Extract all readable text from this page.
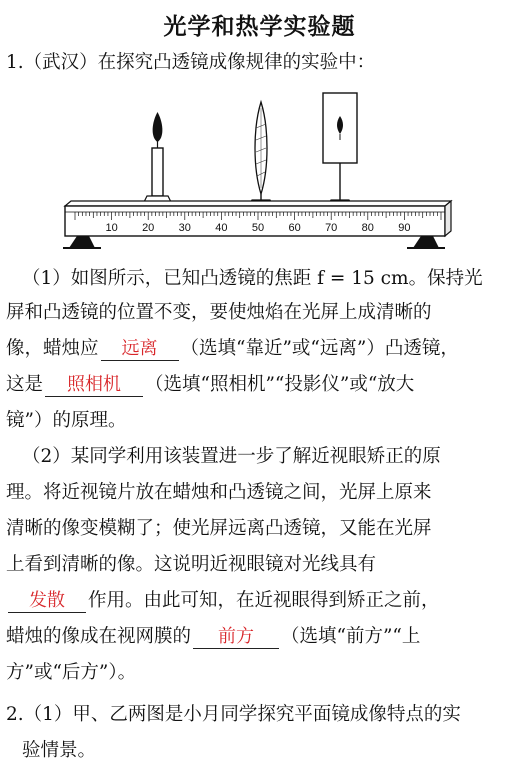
光学和热学实验题
1.（武汉）在探究凸透镜成像规律的实验中：
10 20 30 40 50 60 70 80 90
（1）如图所示，已知凸透镜的焦距 f = 15 cm。保持光
屏和凸透镜的位置不变，要使烛焰在光屏上成清晰的
像，蜡烛应 远离 （选填“靠近”或“远离”）凸透镜，
这是 照相机 （选填“照相机”“投影仪”或“放大
镜”）的原理。
（2）某同学利用该装置进一步了解近视眼矫正的原
理。将近视镜片放在蜡烛和凸透镜之间，光屏上原来
清晰的像变模糊了；使光屏远离凸透镜，又能在光屏
上看到清晰的像。这说明近视眼镜对光线具有
发散 作用。由此可知，在近视眼得到矫正之前，
蜡烛的像成在视网膜的 前方 （选填“前方”“上
方”或“后方”）。
2.（1）甲、乙两图是小月同学探究平面镜成像特点的实
验情景。
